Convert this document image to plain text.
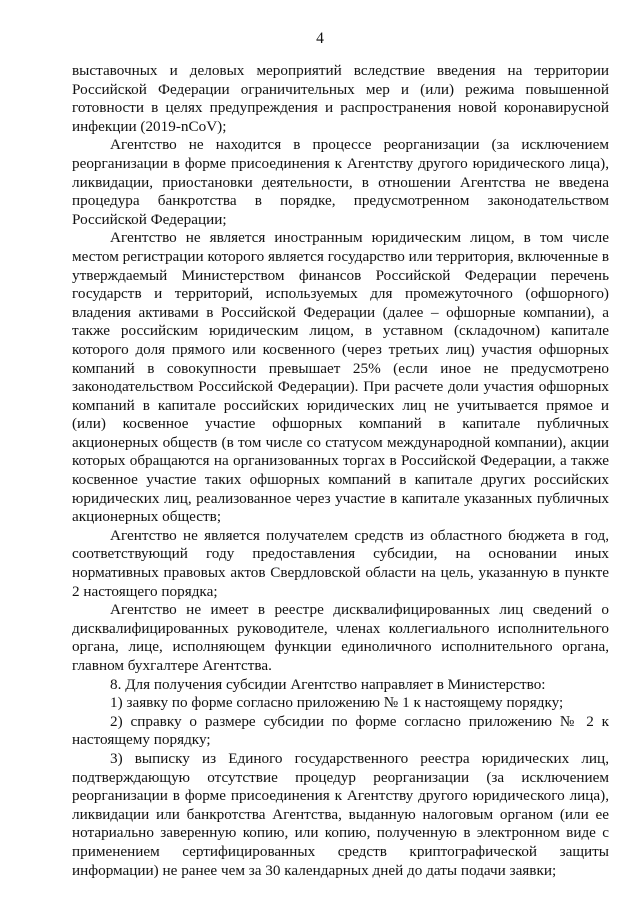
4

выставочных и деловых мероприятий вследствие введения на территории Российской Федерации ограничительных мер и (или) режима повышенной готовности в целях предупреждения и распространения новой коронавирусной инфекции (2019-nCoV);

Агентство не находится в процессе реорганизации (за исключением реорганизации в форме присоединения к Агентству другого юридического лица), ликвидации, приостановки деятельности, в отношении Агентства не введена процедура банкротства в порядке, предусмотренном законодательством Российской Федерации;

Агентство не является иностранным юридическим лицом, в том числе местом регистрации которого является государство или территория, включенные в утверждаемый Министерством финансов Российской Федерации перечень государств и территорий, используемых для промежуточного (офшорного) владения активами в Российской Федерации (далее – офшорные компании), а также российским юридическим лицом, в уставном (складочном) капитале которого доля прямого или косвенного (через третьих лиц) участия офшорных компаний в совокупности превышает 25% (если иное не предусмотрено законодательством Российской Федерации). При расчете доли участия офшорных компаний в капитале российских юридических лиц не учитывается прямое и (или) косвенное участие офшорных компаний в капитале публичных акционерных обществ (в том числе со статусом международной компании), акции которых обращаются на организованных торгах в Российской Федерации, а также косвенное участие таких офшорных компаний в капитале других российских юридических лиц, реализованное через участие в капитале указанных публичных акционерных обществ;

Агентство не является получателем средств из областного бюджета в год, соответствующий году предоставления субсидии, на основании иных нормативных правовых актов Свердловской области на цель, указанную в пункте 2 настоящего порядка;

Агентство не имеет в реестре дисквалифицированных лиц сведений о дисквалифицированных руководителе, членах коллегиального исполнительного органа, лице, исполняющем функции единоличного исполнительного органа, главном бухгалтере Агентства.

8. Для получения субсидии Агентство направляет в Министерство:

1) заявку по форме согласно приложению № 1 к настоящему порядку;

2) справку о размере субсидии по форме согласно приложению № 2 к настоящему порядку;

3) выписку из Единого государственного реестра юридических лиц, подтверждающую отсутствие процедур реорганизации (за исключением реорганизации в форме присоединения к Агентству другого юридического лица), ликвидации или банкротства Агентства, выданную налоговым органом (или ее нотариально заверенную копию, или копию, полученную в электронном виде с применением сертифицированных средств криптографической защиты информации) не ранее чем за 30 календарных дней до даты подачи заявки;
